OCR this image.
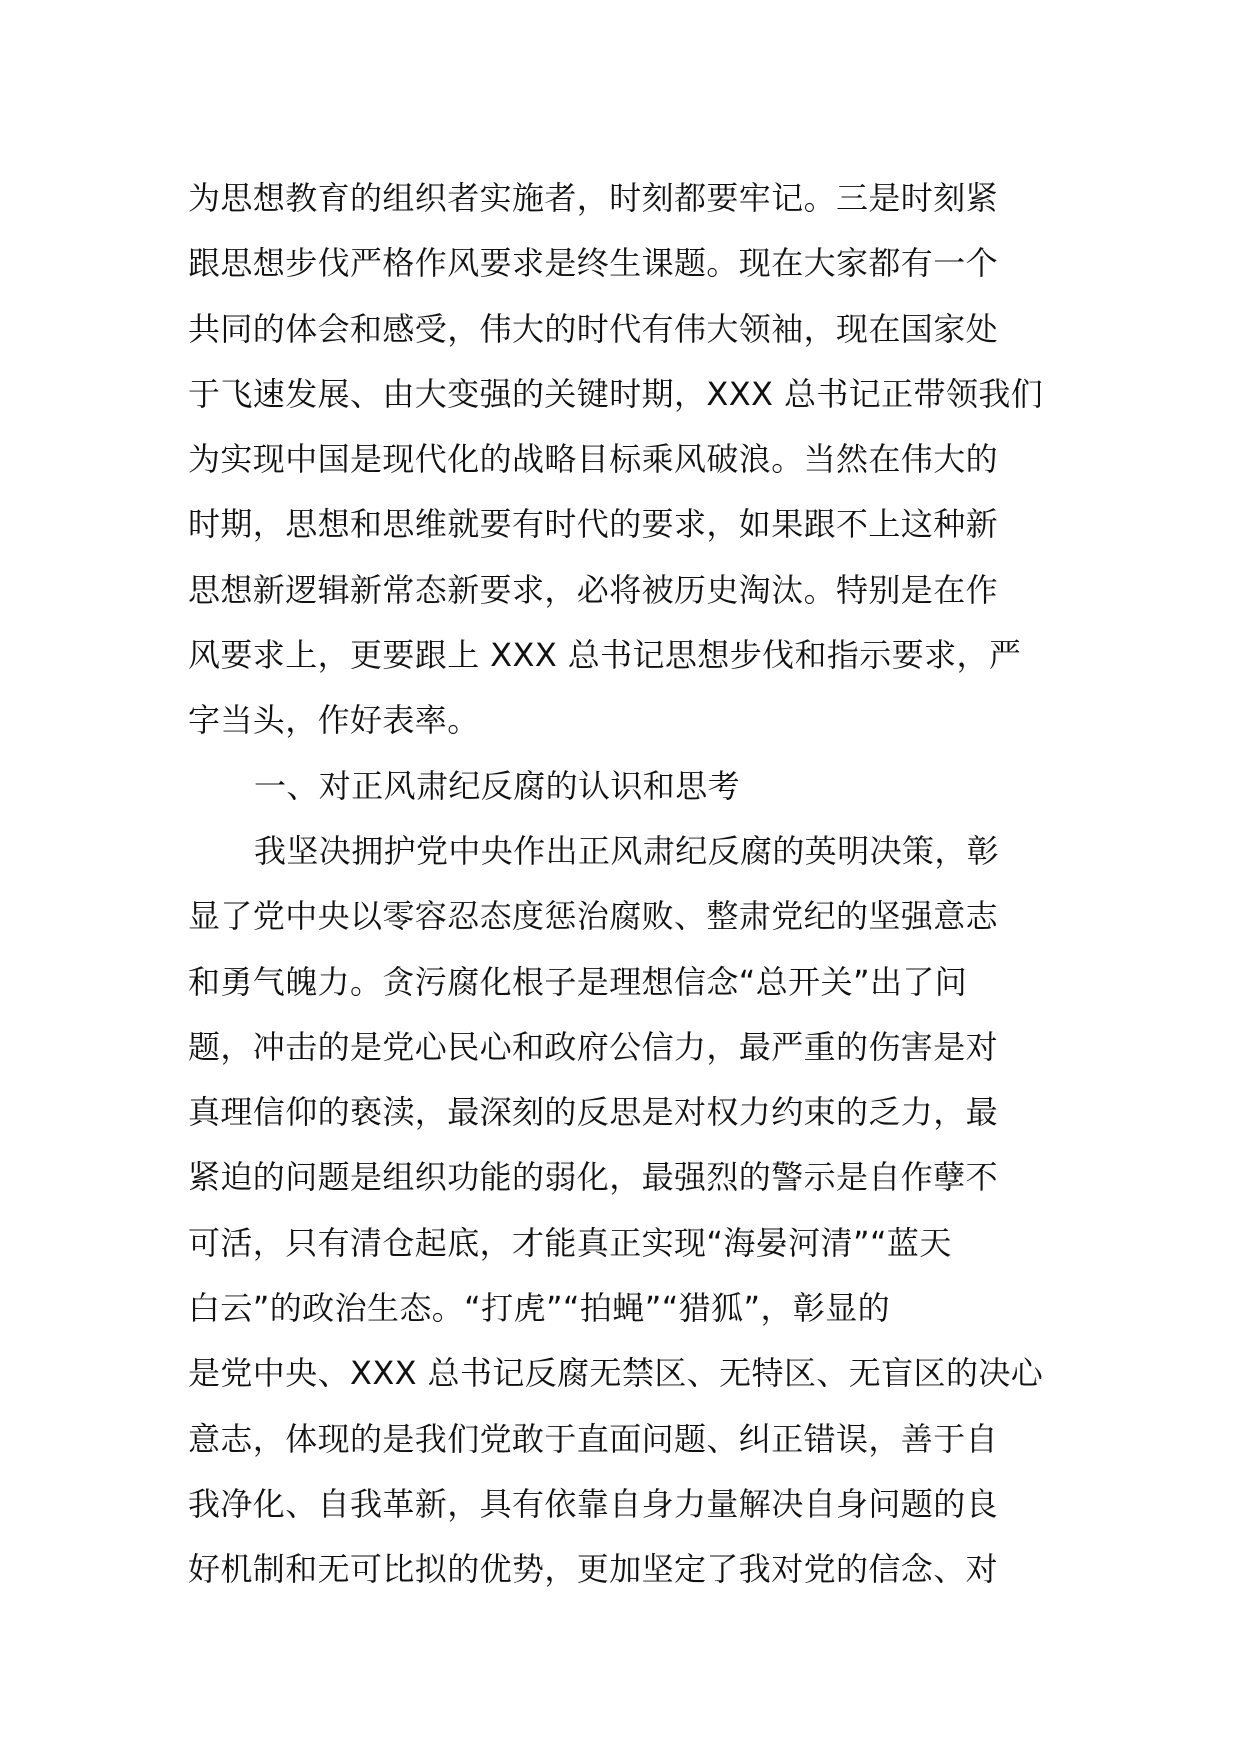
为思想教育的组织者实施者，时刻都要牢记。三是时刻紧
跟思想步伐严格作风要求是终生课题。现在大家都有一个
共同的体会和感受，伟大的时代有伟大领袖，现在国家处
于飞速发展、由大变强的关键时期，XXX 总书记正带领我们
为实现中国是现代化的战略目标乘风破浪。当然在伟大的
时期，思想和思维就要有时代的要求，如果跟不上这种新
思想新逻辑新常态新要求，必将被历史淘汰。特别是在作
风要求上，更要跟上 XXX 总书记思想步伐和指示要求，严
字当头，作好表率。
一、对正风肃纪反腐的认识和思考
我坚决拥护党中央作出正风肃纪反腐的英明决策，彰
显了党中央以零容忍态度惩治腐败、整肃党纪的坚强意志
和勇气魄力。贪污腐化根子是理想信念“总开关”出了问
题，冲击的是党心民心和政府公信力，最严重的伤害是对
真理信仰的亵渎，最深刻的反思是对权力约束的乏力，最
紧迫的问题是组织功能的弱化，最强烈的警示是自作孽不
可活，只有清仓起底，才能真正实现“海晏河清”“蓝天
白云”的政治生态。“打虎”“拍蝇”“猎狐”，彰显的
是党中央、XXX 总书记反腐无禁区、无特区、无盲区的决心
意志，体现的是我们党敢于直面问题、纠正错误，善于自
我净化、自我革新，具有依靠自身力量解决自身问题的良
好机制和无可比拟的优势，更加坚定了我对党的信念、对
